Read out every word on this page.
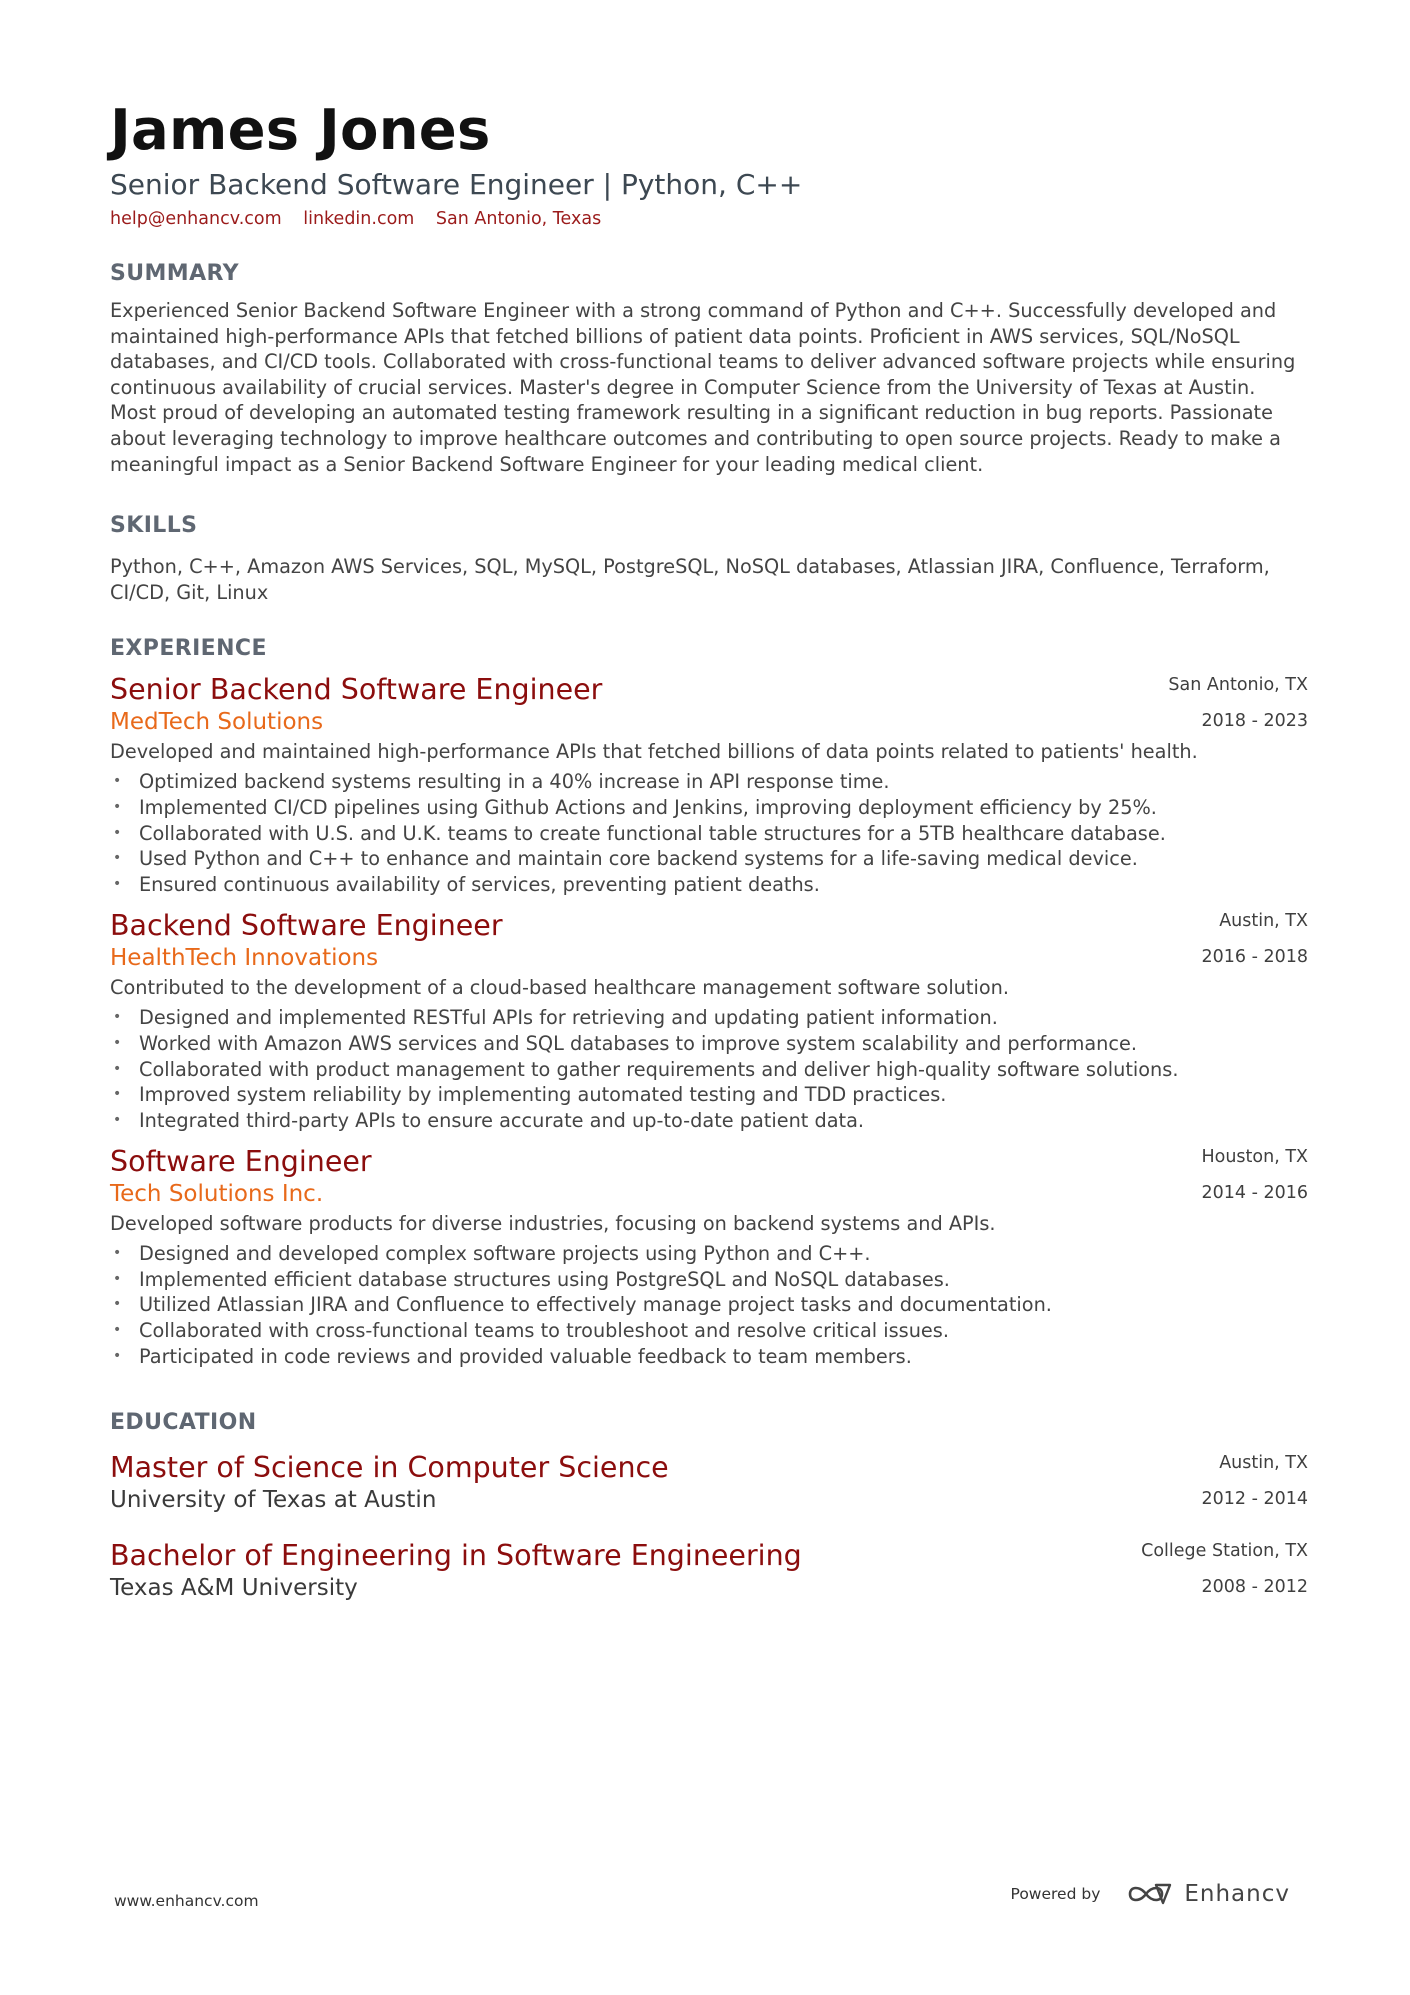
James Jones
Senior Backend Software Engineer | Python, C++
help@enhancv.com linkedin.com San Antonio, Texas
SUMMARY
Experienced Senior Backend Software Engineer with a strong command of Python and C++. Successfully developed and maintained high-performance APIs that fetched billions of patient data points. Proficient in AWS services, SQL/NoSQL databases, and CI/CD tools. Collaborated with cross-functional teams to deliver advanced software projects while ensuring continuous availability of crucial services. Master's degree in Computer Science from the University of Texas at Austin. Most proud of developing an automated testing framework resulting in a significant reduction in bug reports. Passionate about leveraging technology to improve healthcare outcomes and contributing to open source projects. Ready to make a meaningful impact as a Senior Backend Software Engineer for your leading medical client.
SKILLS
Python, C++, Amazon AWS Services, SQL, MySQL, PostgreSQL, NoSQL databases, Atlassian JIRA, Confluence, Terraform, CI/CD, Git, Linux
EXPERIENCE
Senior Backend Software Engineer
MedTech Solutions
San Antonio, TX
2018 - 2023
Developed and maintained high-performance APIs that fetched billions of data points related to patients' health.
• Optimized backend systems resulting in a 40% increase in API response time.
• Implemented CI/CD pipelines using Github Actions and Jenkins, improving deployment efficiency by 25%.
• Collaborated with U.S. and U.K. teams to create functional table structures for a 5TB healthcare database.
• Used Python and C++ to enhance and maintain core backend systems for a life-saving medical device.
• Ensured continuous availability of services, preventing patient deaths.
Backend Software Engineer
HealthTech Innovations
Austin, TX
2016 - 2018
Contributed to the development of a cloud-based healthcare management software solution.
• Designed and implemented RESTful APIs for retrieving and updating patient information.
• Worked with Amazon AWS services and SQL databases to improve system scalability and performance.
• Collaborated with product management to gather requirements and deliver high-quality software solutions.
• Improved system reliability by implementing automated testing and TDD practices.
• Integrated third-party APIs to ensure accurate and up-to-date patient data.
Software Engineer
Tech Solutions Inc.
Houston, TX
2014 - 2016
Developed software products for diverse industries, focusing on backend systems and APIs.
• Designed and developed complex software projects using Python and C++.
• Implemented efficient database structures using PostgreSQL and NoSQL databases.
• Utilized Atlassian JIRA and Confluence to effectively manage project tasks and documentation.
• Collaborated with cross-functional teams to troubleshoot and resolve critical issues.
• Participated in code reviews and provided valuable feedback to team members.
EDUCATION
Master of Science in Computer Science
University of Texas at Austin
Austin, TX
2012 - 2014
Bachelor of Engineering in Software Engineering
Texas A&M University
College Station, TX
2008 - 2012
www.enhancv.com	Powered by	Enhancv
